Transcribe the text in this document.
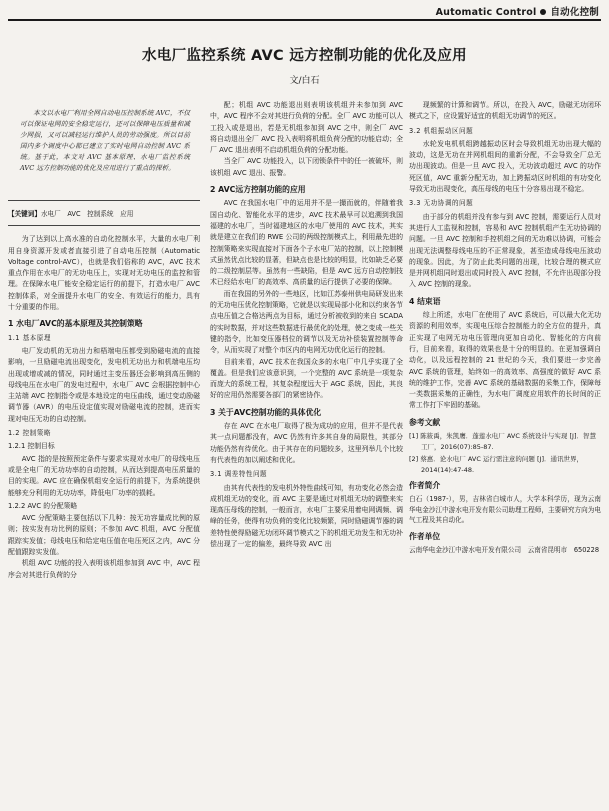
Automatic Control 自动化控制
水电厂监控系统 AVC 远方控制功能的优化及应用
文/白石

本文以水电厂利用全网自动电压控制系统 AVC，不仅可以保证电网的安全稳定运行，还可以保障电压质量和减少网损，又可以减轻运行维护人员的劳动强度。所以目前国内多个调度中心都已建立了实时电网自动控制 AVC 系统。基于此，本文对 AVC 基本原理、水电厂监控系统 AVC 远方控制功能的优化及应用进行了重点的探析。

【关键词】水电厂　AVC　控制系统　应用

为了达到以上高水准的自动化控制水平，大量的水电厂利用自身资源开发或者直接引进了自动电压控制（Automatic Voltage control-AVC），也就是我们俗称的 AVC，AVC 技术重点作用在水电厂的无功电压上，实现对无功电压的监控和管理。在保障水电厂能安全稳定运行的前提下，打造水电厂 AVC 控制体系，对全面提升水电厂的安全、有效运行的能力，具有十分重要的作用。

1 水电厂AVC的基本原理及其控制策略
1.1 基本原理

电厂发动机的无功出力和梧端电压都受到励磁电流的直接影响，一旦励磁电流出现变化，发电机无功出力和机端电压均出现或增或减的情况，同时通过主变压器还会影响到高压侧的母线电压在水电厂的发电过程中，水电厂 AVC 会根据控制中心主站端 AVC 控制指令或是本地设定的电压曲线，通过变动励磁调节器（AVR）的电压设定值实现对励磁电流的控制，进而实现对电压无功的自动控制。

1.2 控制策略
1.2.1 控制目标

AVC 指的是按照预定条件与要求实现对水电厂的母线电压或是全电厂的无功功率的自动控制，从而达到提高电压质量的目的实现。AVC 应在确保机组安全运行的前提下，为系统提供能够充分利用的无功功率，降低电厂功率的损耗。

1.2.2 AVC 的分配策略

AVC 分配策略主要包括以下几种：按无功容量成比例的原则；按实发有功比例的原则；不参加 AVC 机组，AVC 分配值跟踪实发值；母线电压和给定电压值在电压死区之内，AVC 分配值跟踪实发值。

机组 AVC 功能的投入表明该机组参加到 AVC 中，AVC 程序会对其进行负荷的分

配；机组 AVC 功能退出则表明该机组并未参加到 AVC 中，AVC 程序不会对其进行负荷的分配。全厂 AVC 功能可以人工投入或是退出，若是无机组参加到 AVC 之中，则全厂 AVC 将自动退出全厂 AVC 投入表明将机组负荷分配的功能启动；全厂 AVC 退出表明不启动机组负荷的分配功能。

当全厂 AVC 功能投入，以下闭锁条件中的任一被破坏，则该机组 AVC 退出、报警。

2 AVC远方控制功能的应用

AVC 在我国水电厂中的运用并不是一撮而就的，伴随着我国自动化、智能化水平的进步，AVC 技术最早可以追溯到我国福建的水电厂，当时福建地区的水电厂使用的 AVC 技术，其实就是建立在我们的 RWE 公司的两级控制模式上，利用最先进的控制策略来实现直接对下面各个子水电厂站的控制，以上控制模式虽然优点比较的显著，但缺点也是比较的明显，比如缺乏必要的二级控制层等。虽然有一些缺陷，但是 AVC 远方自动控制技术已经给水电厂的高效率、高质量的运行提供了必要的保障。

而在我国的另外的一些地区，比如江苏泰州供电局研发出来的无功电压优化控制策略，它就是以实现局部小化和以约束各节点电压值之合格达两点为目标，通过分析被收到的来自 SCADA 的实时数据，并对这些数据进行最优化的处理，使之变成一些关键的指令，比如变压器档位的调节以及无功补偿装置控制等命令，从而实现了对整个市区内的电网无功优化运行的控制。

目前来看，AVC 技术在我国众多的水电厂中几乎实现了全覆盖。但是我们应该意识到，一个完整的 AVC 系统是一项复杂而庞大的系统工程，其复杂程度远大于 AGC 系统，因此，其良好的应用仍然需要各部门的紧密协作。

3 关于AVC控制功能的具体优化

存在 AVC 在水电厂取得了极为成功的应用，但并不是代表其一点问题都没有，AVC 仍然有许多其自身的局限性，其部分功能仍然有待优化。由于其存在的问题较多，这里列举几个比较有代表性的加以阐述和优化。

3.1 调差特性问题

由其有代表性的发电机外特性曲线可知，有功变化必然会造成机组无功的变化，而 AVC 主要是通过对机组无功的调整来实现高压母线的控制，一般而言，水电厂主要采用着电网调频、调峰的任务，使得有功负荷的变化比较频繁，同时励磁调节器的调差特性使得励磁无功闭环调节模式之下的机组无功发生和无功补偿出现了一定的偏差，最终导致 AVC 出

现频繁的计算和调节。所以，在投入 AVC，励磁无功闭环模式之下，应设置好适宜的机组无功调节的死区。

3.2 机组振动区问题

水轮发电机机组跨越振动区时会导致机组无功出现大幅的波动，这是无功在并网机组间的重新分配，不会导致全厂总无功出现波动。但是一旦 AVC 投入，无功波动超过 AVC 的功作死区值，AVC 重新分配无功，加上跨振动区时机组的有功变化导致无功出现变化，高压母线的电压十分容易出现不稳定。

3.3 无功协调的问题

由于部分的机组并没有参与到 AVC 控制，需要运行人员对其进行人工监视和控制，容易和 AVC 控制机组产生无功协调的问题。一旦 AVC 控制和手控机组之间的无功难以协调，可能会出现无法调整母线电压的不正常现象，甚至造成母线电压波动的现象。因此，为了防止此类问题的出现，比较合理的模式应是并网机组同时退出或同时投入 AVC 控制，不允许出现部分投入 AVC 控制的现象。

4 结束语

综上所述，水电厂在使用了 AVC 系统后，可以最大化无功资源的利用效率，实现电压综合控制能力的全方位的提升，真正实现了电网无功电压管理向更加自动化、智能化的方向前行，目前来看，取得的效果也是十分的明显的。在更加强调自动化，以及远程控制的 21 世纪的今天，我们要进一步完善 AVC 系统的管理，始终如一的高效率、高强度的做好 AVC 系统的维护工作，完善 AVC 系统的基础数据的采集工作，保障每一类数据采集的正确性，为水电厂调度应用软件的长时间的正常工作打下牢固的基础。

参考文献
[1] 陈筱禹，朱凯鹰．蓬莲水电厂 AVC 系统设计与实现 [J]．智慧工厂，2016(07):85-87.
[2] 蔡惠．论水电厂 AVC 运行需注意的问题 [J]．通讯世界，2014(14):47-48.
作者简介

白石（1987-），男，吉林省白城市人，大学本科学历，现为云南华电金沙江中游水电开发有限公司助理工程师，主要研究方向为电气工程及其自动化。

作者单位

云南华电金沙江中游水电开发有限公司　云南省昆明市　650228
